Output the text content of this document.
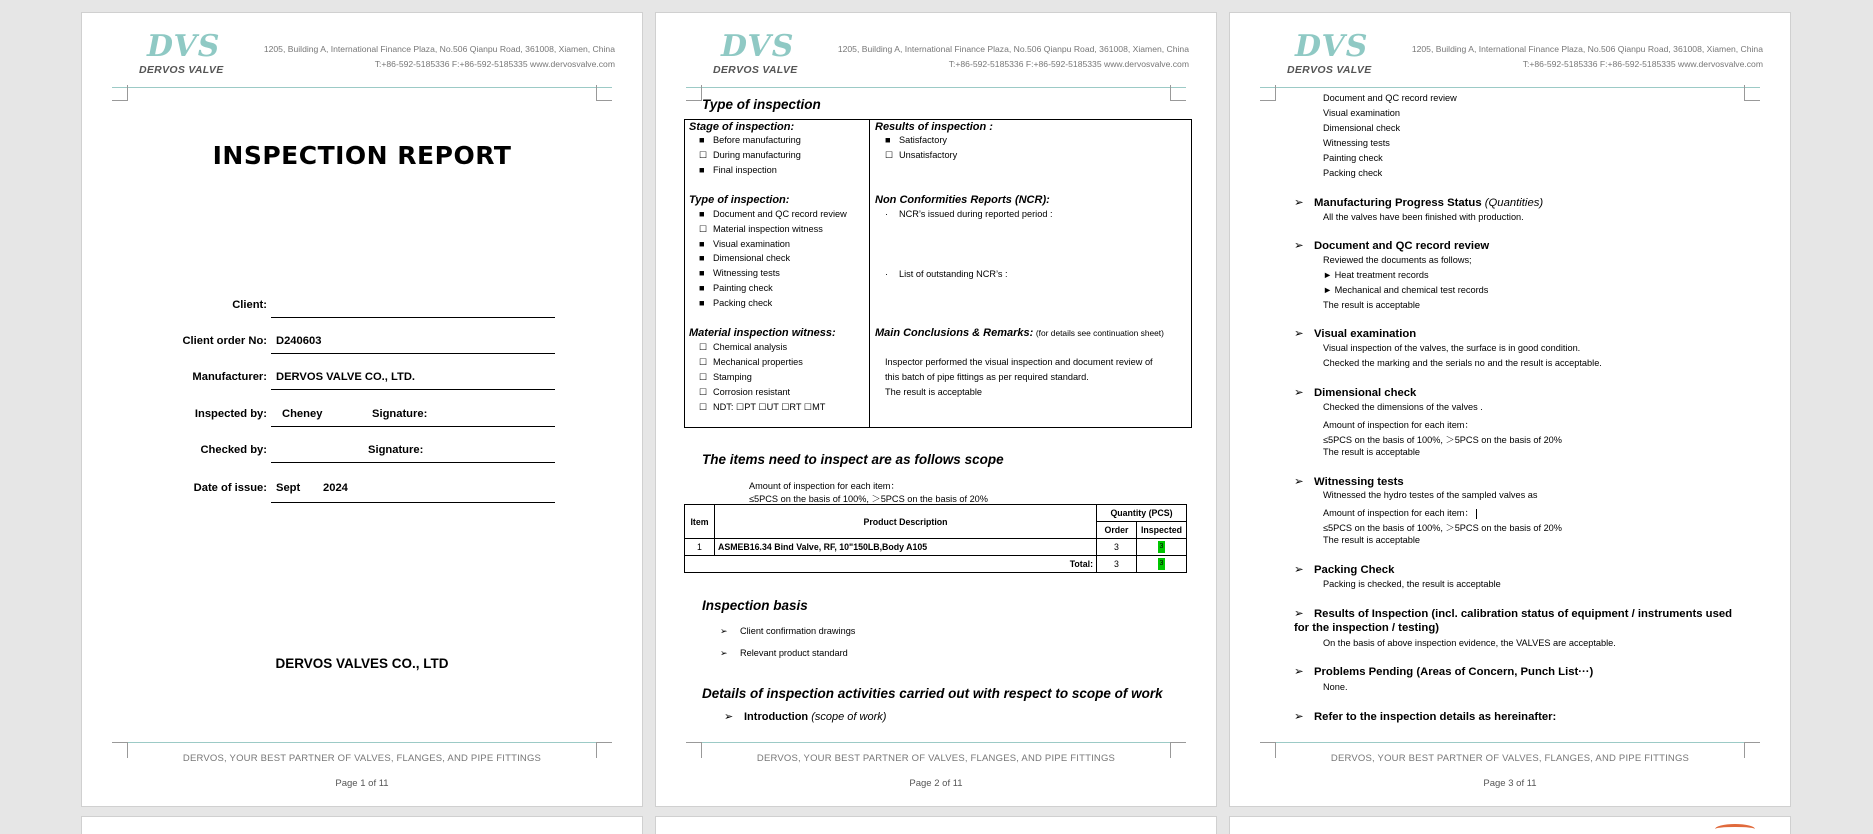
DVS
DERVOS VALVE
1205, Building A, International Finance Plaza, No.506 Qianpu Road, 361008, Xiamen, China
T:+86-592-5185336 F:+86-592-5185335 www.dervosvalve.com
INSPECTION REPORT
Client:
Client order No: D240603
Manufacturer: DERVOS VALVE CO., LTD.
Inspected by: Cheney	Signature:
Checked by:	Signature:
Date of issue: Sept 2024
DERVOS VALVES CO., LTD
DERVOS, YOUR BEST PARTNER OF VALVES, FLANGES, AND PIPE FITTINGS
Page 1 of 11
DVS
DERVOS VALVE
1205, Building A, International Finance Plaza, No.506 Qianpu Road, 361008, Xiamen, China
T:+86-592-5185336 F:+86-592-5185335 www.dervosvalve.com
Type of inspection
Stage of inspection:
■ Before manufacturing
☐ During manufacturing
■ Final inspection
Type of inspection:
■ Document and QC record review
☐ Material inspection witness
■ Visual examination
■ Dimensional check
■ Witnessing tests
■ Painting check
■ Packing check
Material inspection witness:
☐ Chemical analysis
☐ Mechanical properties
☐ Stamping
☐ Corrosion resistant
☐ NDT: ☐PT ☐UT ☐RT ☐MT
Results of inspection :
■ Satisfactory
☐ Unsatisfactory
Non Conformities Reports (NCR):
· NCR’s issued during reported period :
· List of outstanding NCR’s :
Main Conclusions & Remarks: (for details see continuation sheet)
Inspector performed the visual inspection and document review of
this batch of pipe fittings as per required standard.
The result is acceptable
The items need to inspect are as follows scope
Amount of inspection for each item：
≤5PCS on the basis of 100%, ＞5PCS on the basis of 20%
Item	Product Description	Quantity (PCS)	
		Order	Inspected
1	ASMEB16.34 Bind Valve, RF, 10"150LB,Body A105	3	3
Total:		3	3
Inspection basis
➢ Client confirmation drawings
➢ Relevant product standard
Details of inspection activities carried out with respect to scope of work
➢ Introduction (scope of work)
DERVOS, YOUR BEST PARTNER OF VALVES, FLANGES, AND PIPE FITTINGS
Page 2 of 11
DVS
DERVOS VALVE
1205, Building A, International Finance Plaza, No.506 Qianpu Road, 361008, Xiamen, China
T:+86-592-5185336 F:+86-592-5185335 www.dervosvalve.com
Document and QC record review
Visual examination
Dimensional check
Witnessing tests
Painting check
Packing check
➢ Manufacturing Progress Status (Quantities)
All the valves have been finished with production.
➢ Document and QC record review
Reviewed the documents as follows;
► Heat treatment records
► Mechanical and chemical test records
The result is acceptable
➢ Visual examination
Visual inspection of the valves, the surface is in good condition.
Checked the marking and the serials no and the result is acceptable.
➢ Dimensional check
Checked the dimensions of the valves .
Amount of inspection for each item：
≤5PCS on the basis of 100%, ＞5PCS on the basis of 20%
The result is acceptable
➢ Witnessing tests
Witnessed the hydro testes of the sampled valves as
Amount of inspection for each item：
≤5PCS on the basis of 100%, ＞5PCS on the basis of 20%
The result is acceptable
➢ Packing Check
Packing is checked, the result is acceptable
➢ Results of Inspection (incl. calibration status of equipment / instruments used
for the inspection / testing)
On the basis of above inspection evidence, the VALVES are acceptable.
➢ Problems Pending (Areas of Concern, Punch List···)
None.
➢ Refer to the inspection details as hereinafter:
DERVOS, YOUR BEST PARTNER OF VALVES, FLANGES, AND PIPE FITTINGS
Page 3 of 11
